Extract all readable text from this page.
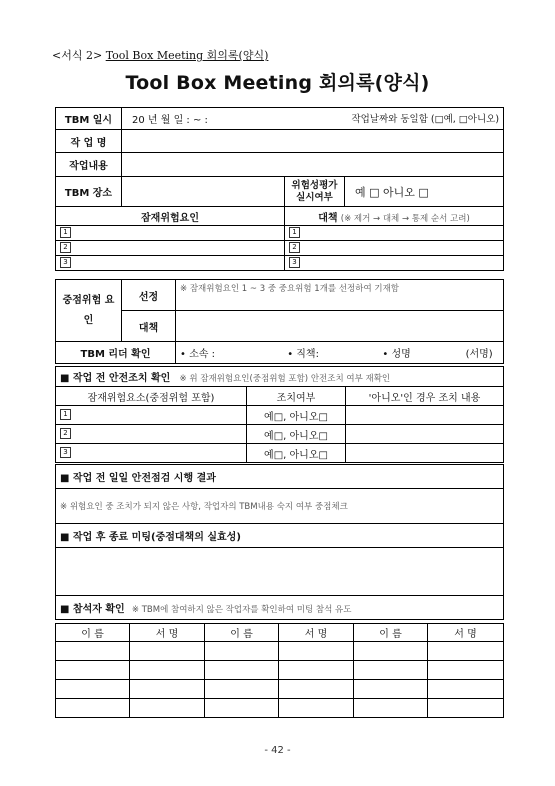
<서식 2> Tool Box Meeting 회의록(양식)
Tool Box Meeting 회의록(양식)
TBM 일시	20 년 월 일 : ~ : 작업날짜와 동일함 (□예, □아니오)		

작 업 명			
작업내용			
TBM 장소		위험성평가 실시여부	예 □ 아니오 □
잠재위험요인		대책 (※ 제거 → 대체 → 통제 순서 고려)	
1		1	
2		2	
3		3	
중점위험 요인	선정	※ 잠재위험요인 1 ~ 3 중 중요위험 1개를 선정하여 기재함
	대책	
TBM 리더 확인		• 소속 : • 직책: • 성명 (서명)
■ 작업 전 안전조치 확인 ※ 위 잠재위험요인(중점위험 포함) 안전조치 여부 재확인		
잠재위험요소(중점위험 포함)	조치여부	'아니오'인 경우 조치 내용
1	예□, 아니오□	
2	예□, 아니오□	
3	예□, 아니오□	
■ 작업 전 일일 안전점검 시행 결과
※ 위험요인 중 조치가 되지 않은 사항, 작업자의 TBM내용 숙지 여부 중점체크
■ 작업 후 종료 미팅(중점대책의 실효성)

■ 참석자 확인 ※ TBM에 참여하지 않은 작업자를 확인하여 미팅 참석 유도
이 름	서 명	이 름	서 명	이 름	서 명

- 42 -
